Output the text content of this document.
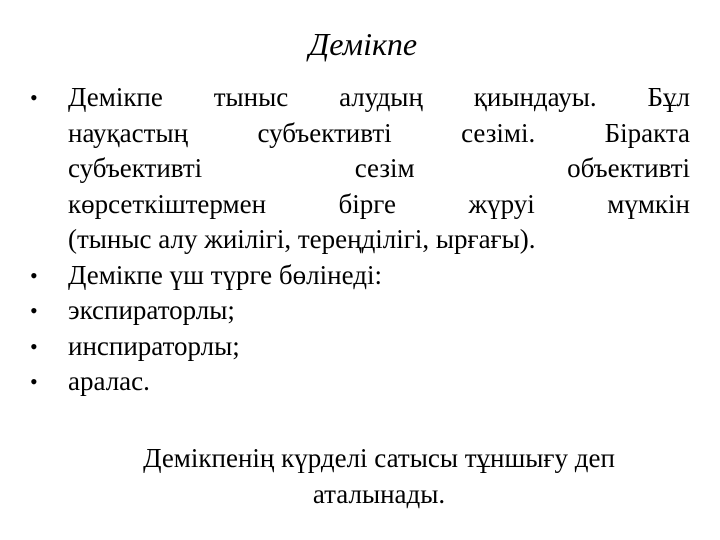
Демікпе
•	Демікпе тыныс алудың қиындауы. Бұл
науқастың	субъективті	сезімі.	Біракта
субъективті	сезім	объективті
көрсеткіштермен	бірге	жүруі	мүмкін
(тыныс алу жиілігі, тереңділігі, ырғағы).
•	Демікпе үш түрге бөлінеді:
•	экспираторлы;
•	инспираторлы;
•	аралас.
Демікпенің күрделі сатысы тұншығу деп
аталынады.
